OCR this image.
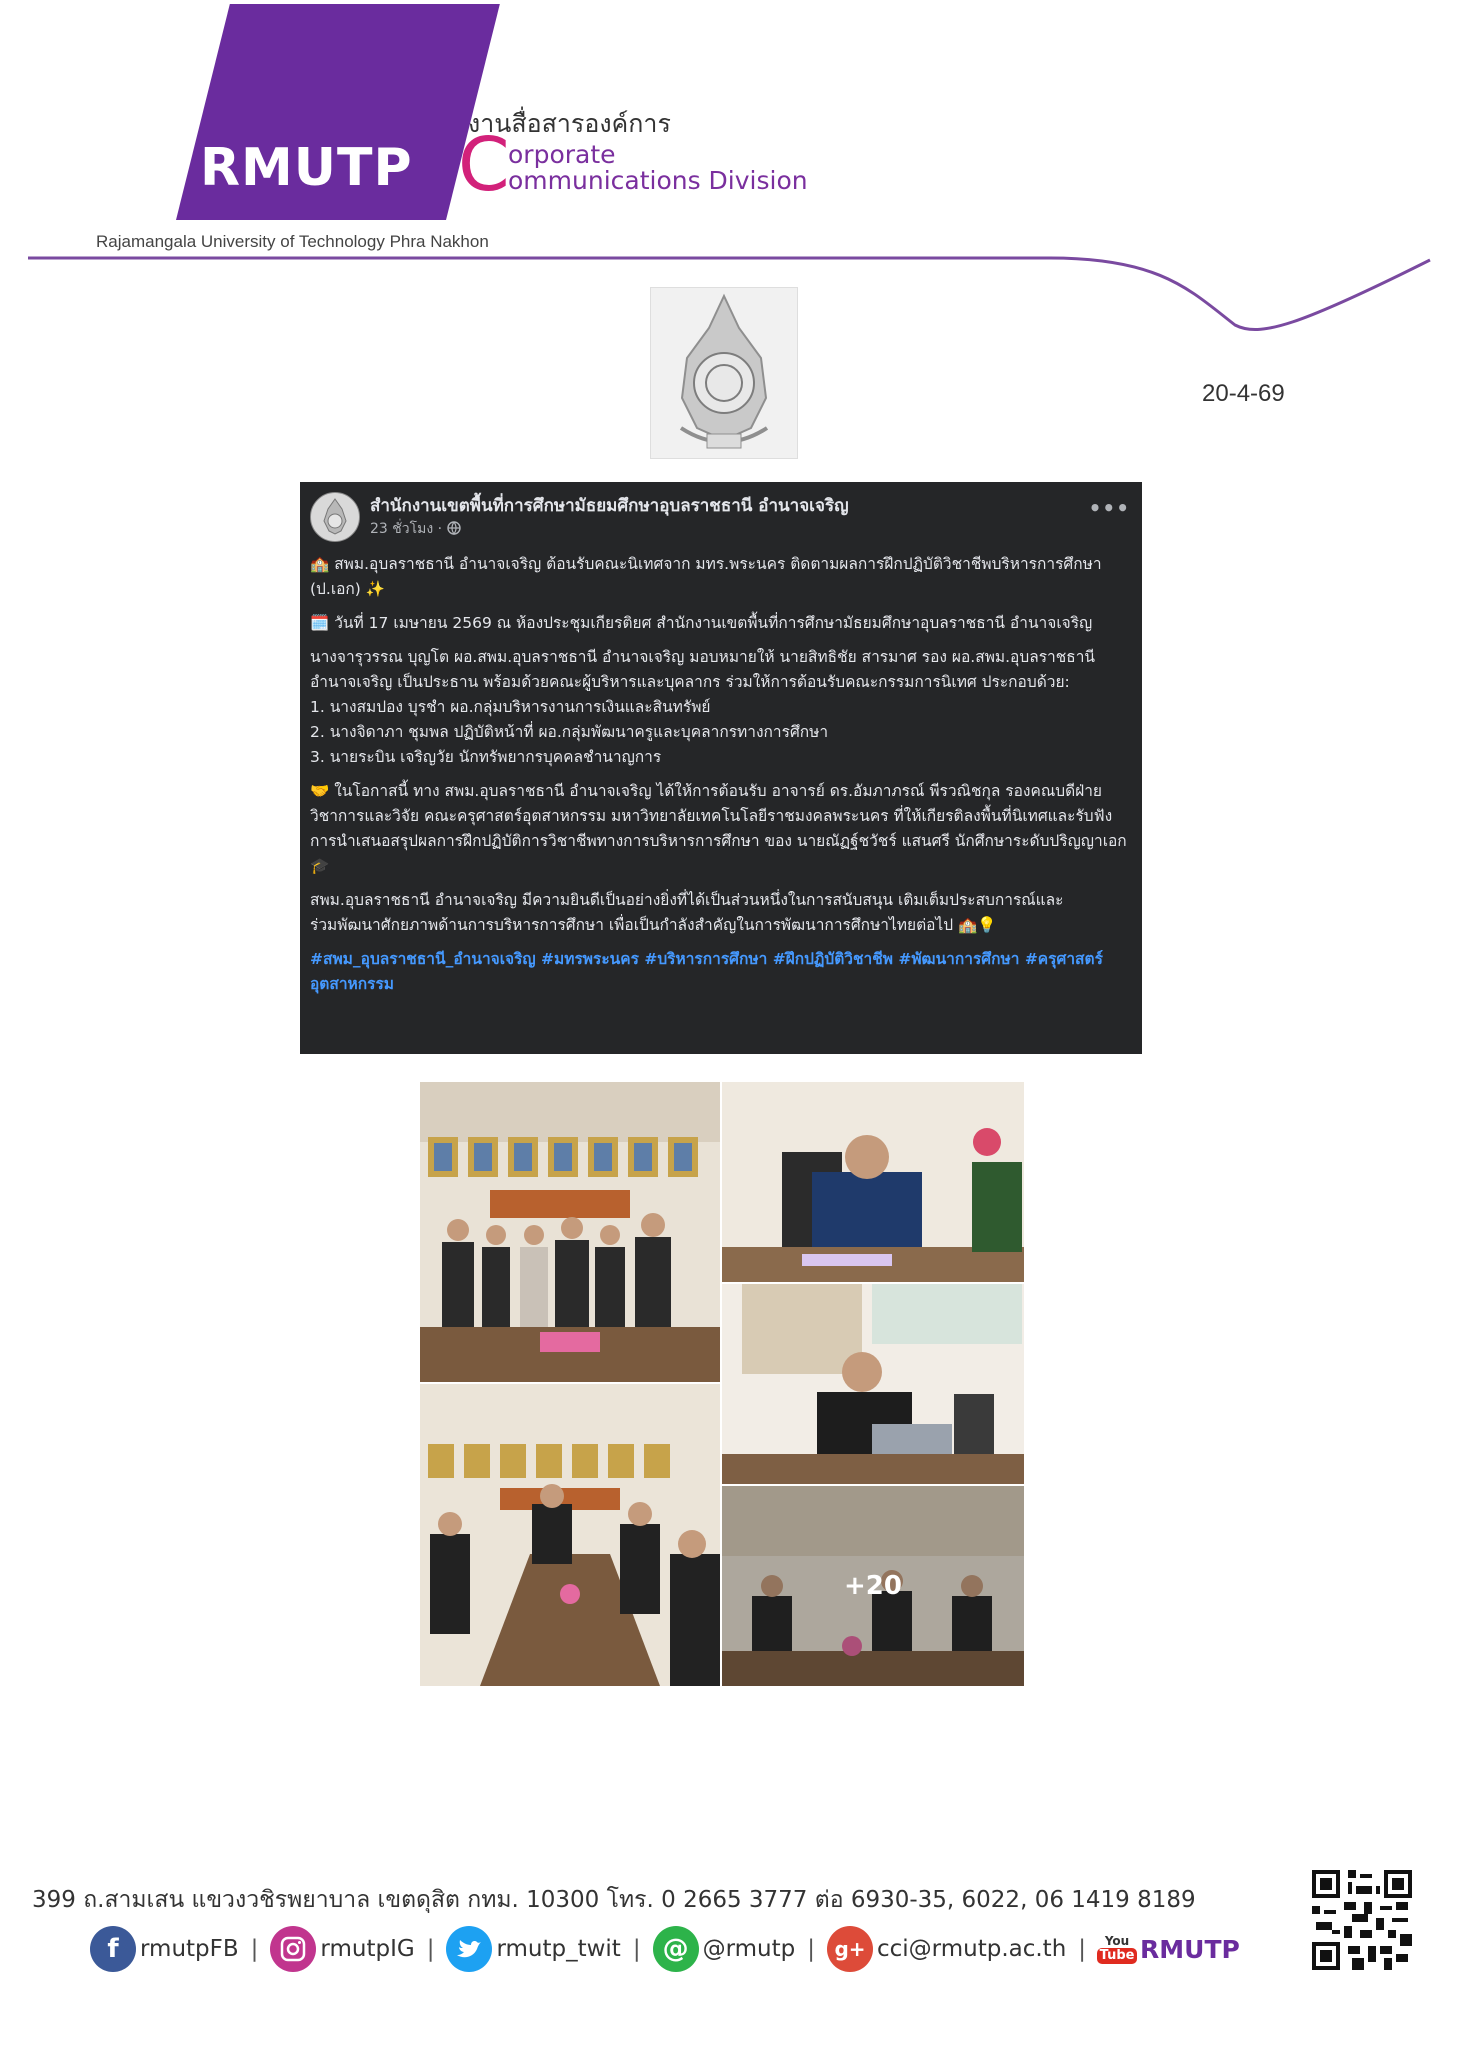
RMUTP
Rajamangala University of Technology Phra Nakhon
งานสื่อสารองค์การ
C
orporate
ommunications Division
20-4-69
สำนักงานเขตพื้นที่การศึกษามัธยมศึกษาอุบลราชธานี อำนาจเจริญ
23 ชั่วโมง ·
•••

🏫 สพม.อุบลราชธานี อำนาจเจริญ ต้อนรับคณะนิเทศจาก มทร.พระนคร ติดตามผลการฝึกปฏิบัติวิชาชีพบริหารการศึกษา (ป.เอก) ✨

🗓️ วันที่ 17 เมษายน 2569 ณ ห้องประชุมเกียรติยศ สำนักงานเขตพื้นที่การศึกษามัธยมศึกษาอุบลราชธานี อำนาจเจริญ

นางจารุวรรณ บุญโต ผอ.สพม.อุบลราชธานี อำนาจเจริญ มอบหมายให้ นายสิทธิชัย สารมาศ รอง ผอ.สพม.อุบลราชธานี อำนาจเจริญ เป็นประธาน พร้อมด้วยคณะผู้บริหารและบุคลากร ร่วมให้การต้อนรับคณะกรรมการนิเทศ ประกอบด้วย:
1. นางสมปอง บุรชำ ผอ.กลุ่มบริหารงานการเงินและสินทรัพย์
2. นางจิดาภา ชุมพล ปฏิบัติหน้าที่ ผอ.กลุ่มพัฒนาครูและบุคลากรทางการศึกษา
3. นายระบิน เจริญวัย นักทรัพยากรบุคคลชำนาญการ

🤝 ในโอกาสนี้ ทาง สพม.อุบลราชธานี อำนาจเจริญ ได้ให้การต้อนรับ อาจารย์ ดร.อัมภาภรณ์ พีรวณิชกุล รองคณบดีฝ่ายวิชาการและวิจัย คณะครุศาสตร์อุตสาหกรรม มหาวิทยาลัยเทคโนโลยีราชมงคลพระนคร ที่ให้เกียรติลงพื้นที่นิเทศและรับฟังการนำเสนอสรุปผลการฝึกปฏิบัติการวิชาชีพทางการบริหารการศึกษา ของ นายณัฏฐ์ชวัชร์ แสนศรี นักศึกษาระดับปริญญาเอก 🎓

สพม.อุบลราชธานี อำนาจเจริญ มีความยินดีเป็นอย่างยิ่งที่ได้เป็นส่วนหนึ่งในการสนับสนุน เติมเต็มประสบการณ์และร่วมพัฒนาศักยภาพด้านการบริหารการศึกษา เพื่อเป็นกำลังสำคัญในการพัฒนาการศึกษาไทยต่อไป 🏫💡

#สพม_อุบลราชธานี_อำนาจเจริญ #มทรพระนคร #บริหารการศึกษา #ฝึกปฏิบัติวิชาชีพ #พัฒนาการศึกษา #ครุศาสตร์อุตสาหกรรม

+20
399 ถ.สามเสน แขวงวชิรพยาบาล เขตดุสิต กทม. 10300 โทร. 0 2665 3777 ต่อ 6930-35, 6022, 06 1419 8189
f rmutpFB |	rmutpIG |	rmutp_twit | @ @rmutp | g+ cci@rmutp.ac.th | You
Tube RMUTP
